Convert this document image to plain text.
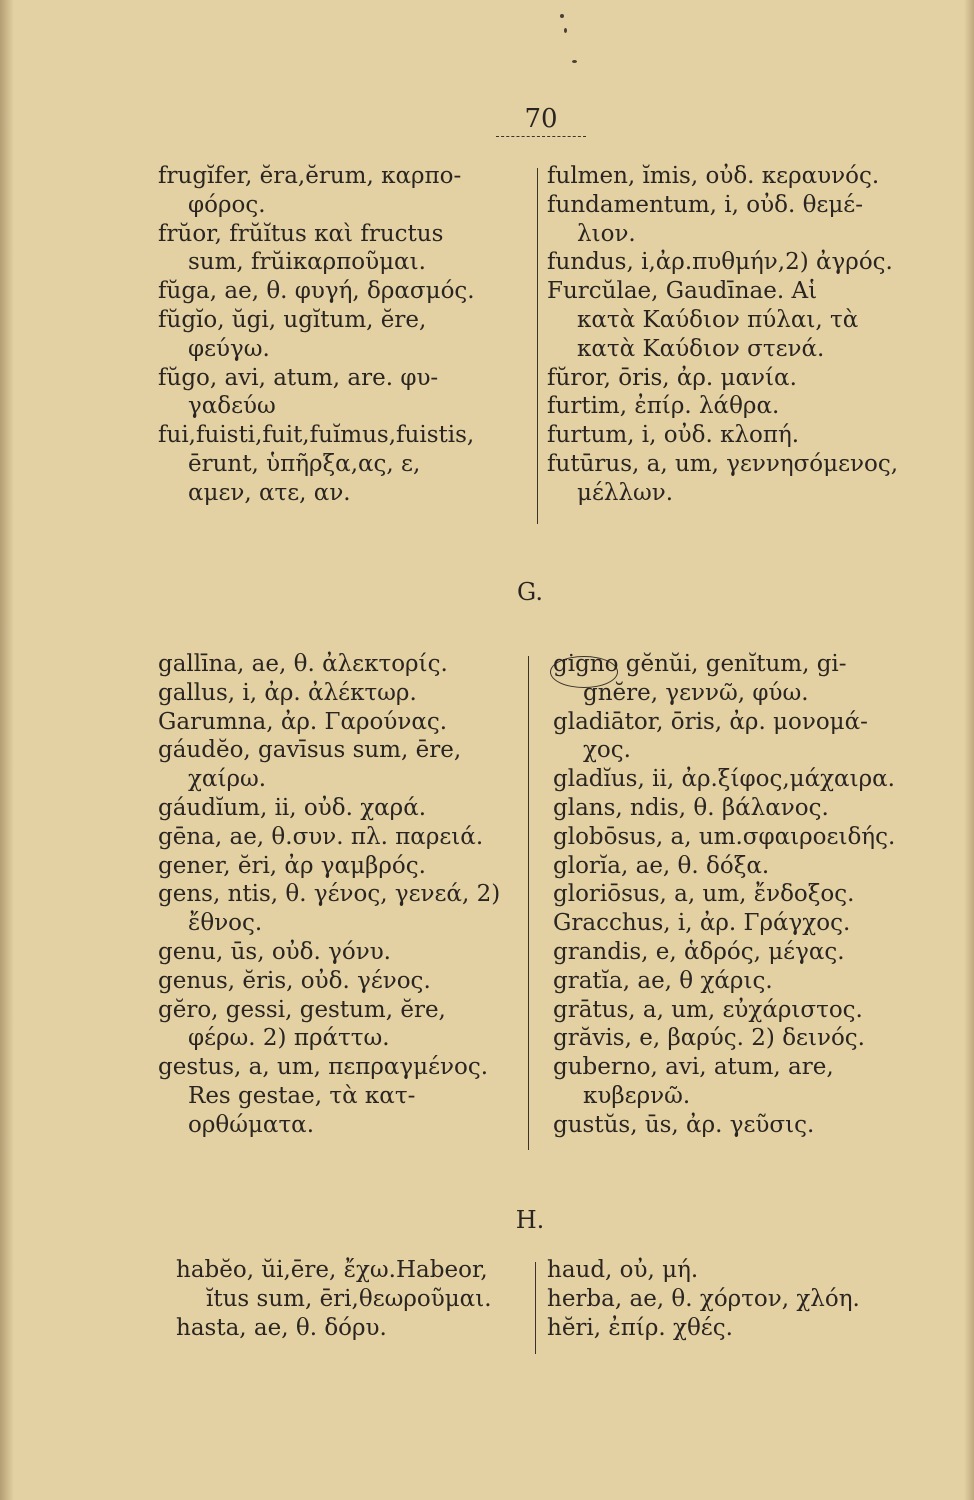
70
frugĭfer, ĕra,ĕrum, καρπο-
φόρος.
frŭor, frŭĭtus καὶ fructus
sum, frŭiκαρποῦμαι.
fŭga, ae, θ. φυγή, δρασμός.
fŭgĭo, ŭgi, ugĭtum, ĕre,
φεύγω.
fŭgo, avi, atum, are. φυ-
γαδεύω
fui,fuisti,fuit,fuĭmus,fuistis,
ērunt, ὑπῆρξα,ας, ε,
αμεν, ατε, αν.
fulmen, ĭmis, οὐδ. κεραυνός.
fundamentum, i, οὐδ. θεμέ-
λιον.
fundus, i,ἀρ.πυθμήν,2) ἀγρός.
Furcŭlae, Gaudīnae. Αἱ
κατὰ Καύδιον πύλαι, τὰ
κατὰ Καύδιον στενά.
fŭror, ōris, ἀρ. μανία.
furtim, ἐπίρ. λάθρα.
furtum, i, οὐδ. κλοπή.
futūrus, a, um, γεννησόμενος,
μέλλων.
G.
gallīna, ae, θ. ἀλεκτορίς.
gallus, i, ἀρ. ἀλέκτωρ.
Garumna, ἀρ. Γαρούνας.
gáudĕo, gavīsus sum, ēre,
χαίρω.
gáudĭum, ii, οὐδ. χαρά.
gēna, ae, θ.συν. πλ. παρειά.
gener, ĕri, ἀρ γαμβρός.
gens, ntis, θ. γένος, γενεά, 2)
ἔθνος.
genu, ūs, οὐδ. γόνυ.
genus, ĕris, οὐδ. γένος.
gĕro, gessi, gestum, ĕre,
φέρω. 2) πράττω.
gestus, a, um, πεπραγμένος.
Res gestae, τὰ κατ-
ορθώματα.
gigno gĕnŭi, genĭtum, gi-
gnĕre, γεννῶ, φύω.
gladiātor, ōris, ἀρ. μονομά-
χος.
gladĭus, ii, ἀρ.ξίφος,μάχαιρα.
glans, ndis, θ. βάλανος.
globōsus, a, um.σφαιροειδής.
glorĭa, ae, θ. δόξα.
gloriōsus, a, um, ἔνδοξος.
Gracchus, i, ἀρ. Γράγχος.
grandis, e, ἁδρός, μέγας.
gratĭa, ae, θ χάρις.
grātus, a, um, εὐχάριστος.
grăvis, e, βαρύς. 2) δεινός.
guberno, avi, atum, are,
κυβερνῶ.
gustŭs, ūs, ἀρ. γεῦσις.
H.
habĕo, ŭi,ēre, ἔχω.Habeor,
ĭtus sum, ēri,θεωροῦμαι.
hasta, ae, θ. δόρυ.
haud, οὐ, μή.
herba, ae, θ. χόρτον, χλόη.
hĕri, ἐπίρ. χθές.
